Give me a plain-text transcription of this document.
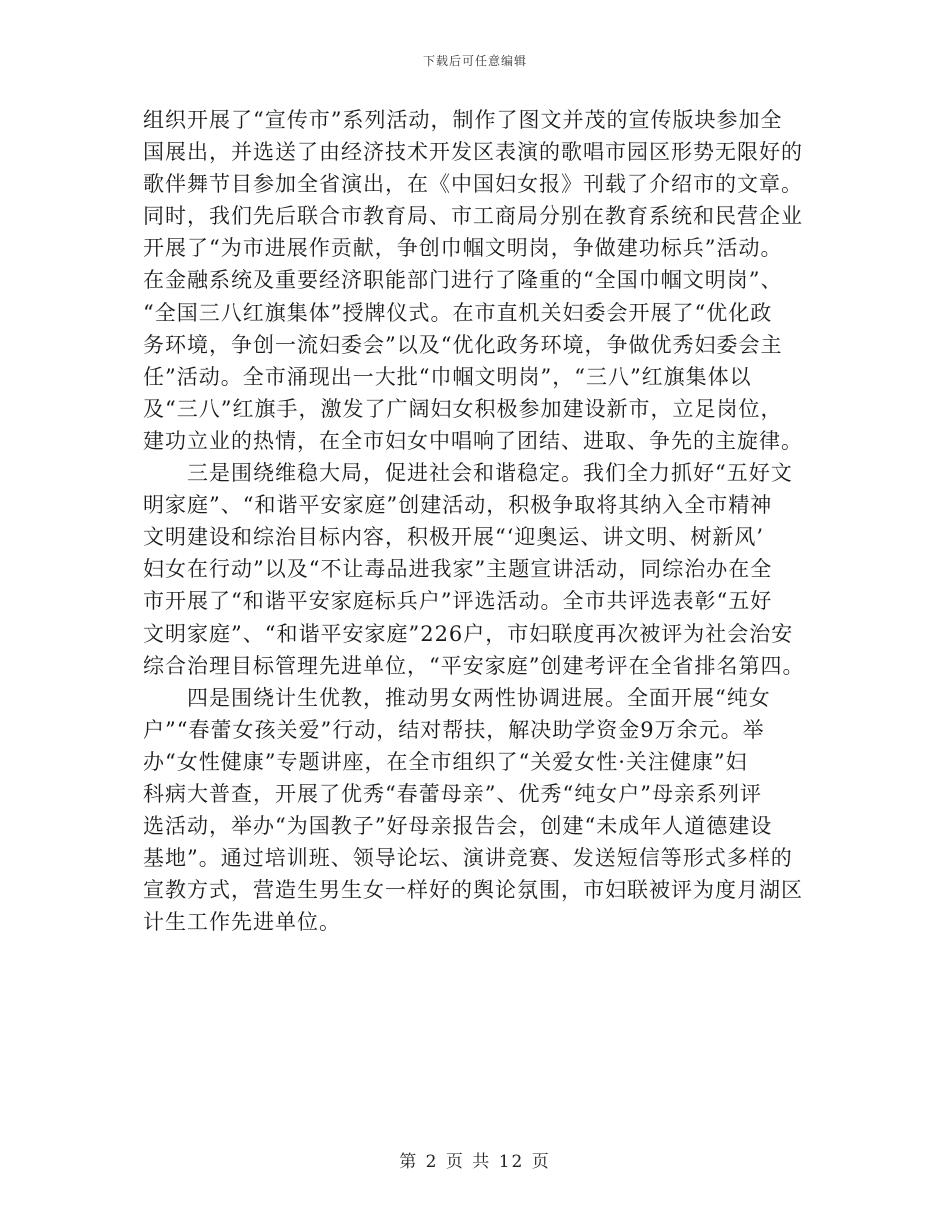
下载后可任意编辑

组织开展了“宣传市”系列活动，制作了图文并茂的宣传版块参加全
国展出，并选送了由经济技术开发区表演的歌唱市园区形势无限好的
歌伴舞节目参加全省演出，在《中国妇女报》刊载了介绍市的文章。
同时，我们先后联合市教育局、市工商局分别在教育系统和民营企业
开展了“为市进展作贡献，争创巾帼文明岗，争做建功标兵”活动。
在金融系统及重要经济职能部门进行了隆重的“全国巾帼文明岗”、
“全国三八红旗集体”授牌仪式。在市直机关妇委会开展了“优化政
务环境，争创一流妇委会”以及“优化政务环境，争做优秀妇委会主
任”活动。全市涌现出一大批“巾帼文明岗”，“三八”红旗集体以
及“三八”红旗手，激发了广阔妇女积极参加建设新市，立足岗位，
建功立业的热情，在全市妇女中唱响了团结、进取、争先的主旋律。

三是围绕维稳大局，促进社会和谐稳定。我们全力抓好“五好文
明家庭”、“和谐平安家庭”创建活动，积极争取将其纳入全市精神
文明建设和综治目标内容，积极开展“‘迎奥运、讲文明、树新风’
妇女在行动”以及“不让毒品进我家”主题宣讲活动，同综治办在全
市开展了“和谐平安家庭标兵户”评选活动。全市共评选表彰“五好
文明家庭”、“和谐平安家庭”226户，市妇联度再次被评为社会治安
综合治理目标管理先进单位，“平安家庭”创建考评在全省排名第四。

四是围绕计生优教，推动男女两性协调进展。全面开展“纯女
户”“春蕾女孩关爱”行动，结对帮扶，解决助学资金9万余元。举
办“女性健康”专题讲座，在全市组织了“关爱女性·关注健康”妇
科病大普查，开展了优秀“春蕾母亲”、优秀“纯女户”母亲系列评
选活动，举办“为国教子”好母亲报告会，创建“未成年人道德建设
基地”。通过培训班、领导论坛、演讲竞赛、发送短信等形式多样的
宣教方式，营造生男生女一样好的舆论氛围，市妇联被评为度月湖区
计生工作先进单位。

第 2 页 共 12 页
